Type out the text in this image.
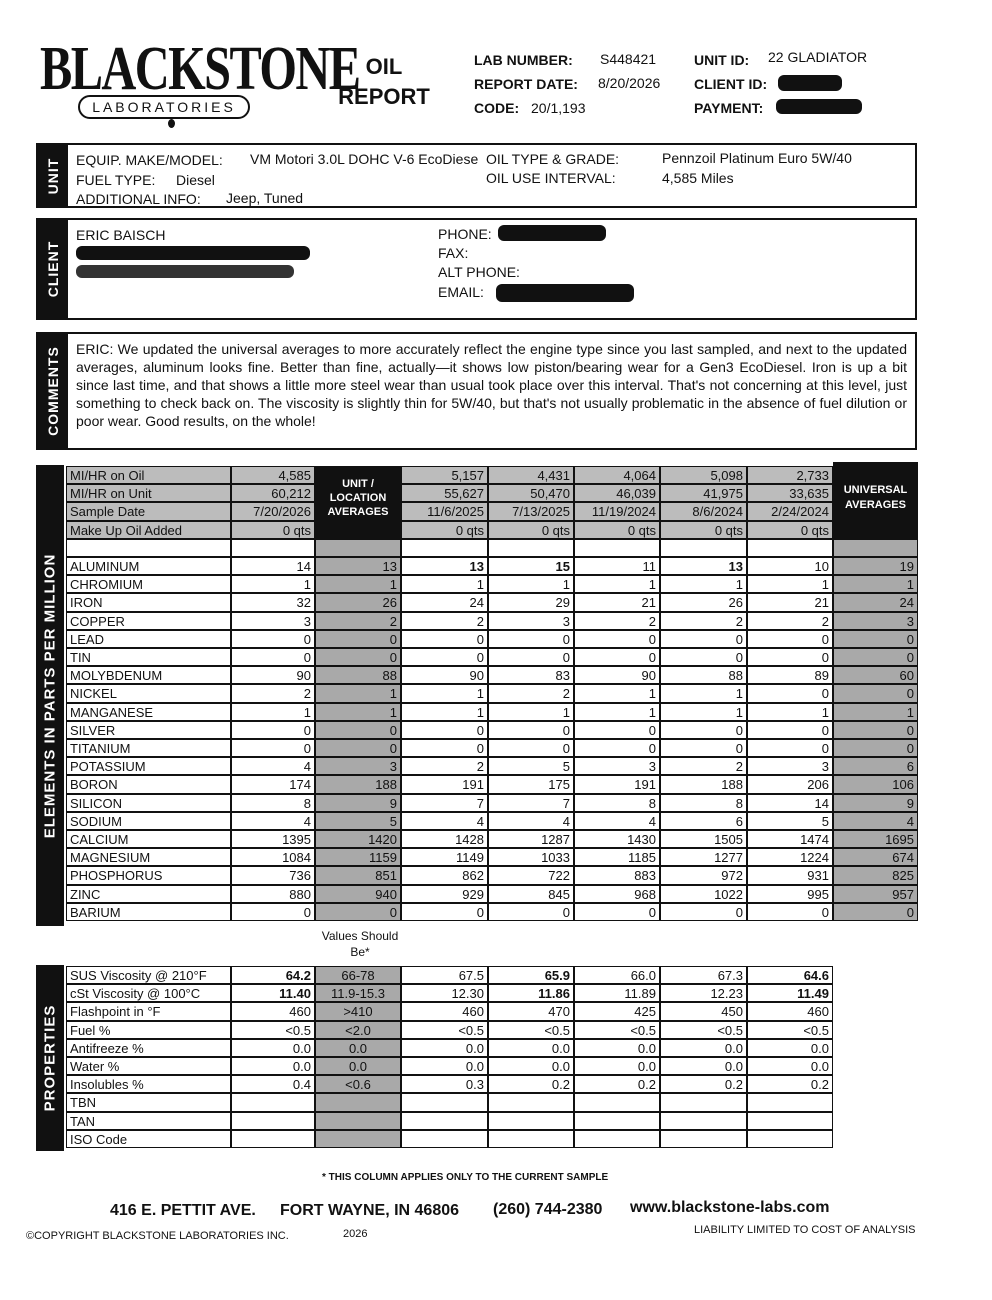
BLACKSTONE
LABORATORIES
OIL
REPORT
LAB NUMBER: S448421
REPORT DATE: 8/20/2026
CODE: 20/1,193
UNIT ID: 22 GLADIATOR
CLIENT ID:
PAYMENT:
UNIT EQUIP. MAKE/MODEL: VM Motori 3.0L DOHC V-6 EcoDiese
FUEL TYPE: Diesel
ADDITIONAL INFO: Jeep, Tuned
OIL TYPE & GRADE:	Pennzoil Platinum Euro 5W/40
OIL USE INTERVAL:	4,585 Miles
CLIENT
ERIC BAISCH	PHONE:
FAX:
ALT PHONE:
EMAIL:
COMMENTS ERIC: We updated the universal averages to more accurately reflect the engine type since you last sampled, and next to the updated averages, aluminum looks fine. Better than fine, actually—it shows low piston/bearing wear for a Gen3 EcoDiesel. Iron is up a bit since last time, and that shows a little more steel wear than usual took place over this interval. That's not concerning at this level, just something to check back on. The viscosity is slightly thin for 5W/40, but that's not usually problematic in the absence of fuel dilution or poor wear. Good results, on the whole!
ELEMENTS IN PARTS PER MILLION
MI/HR on Oil	4,585	5,157	4,431	4,064	5,098	2,733
MI/HR on Unit	60,212	55,627	50,470	46,039	41,975	33,635
Sample Date	7/20/2026	11/6/2025	7/13/2025	11/19/2024	8/6/2024	2/24/2024
Make Up Oil Added	0 qts	0 qts	0 qts	0 qts	0 qts	0 qts
UNIT / LOCATION AVERAGES
UNIVERSAL AVERAGES
ALUMINUM	14	13	13	15	11	13	10	19
CHROMIUM	1	1	1	1	1	1	1	1
IRON	32	26	24	29	21	26	21	24
COPPER	3	2	2	3	2	2	2	3
LEAD	0	0	0	0	0	0	0	0
TIN	0	0	0	0	0	0	0	0
MOLYBDENUM	90	88	90	83	90	88	89	60
NICKEL	2	1	1	2	1	1	0	0
MANGANESE	1	1	1	1	1	1	1	1
SILVER	0	0	0	0	0	0	0	0
TITANIUM	0	0	0	0	0	0	0	0
POTASSIUM	4	3	2	5	3	2	3	6
BORON	174	188	191	175	191	188	206	106
SILICON	8	9	7	7	8	8	14	9
SODIUM	4	5	4	4	4	6	5	4
CALCIUM	1395	1420	1428	1287	1430	1505	1474	1695
MAGNESIUM	1084	1159	1149	1033	1185	1277	1224	674
PHOSPHORUS	736	851	862	722	883	972	931	825
ZINC	880	940	929	845	968	1022	995	957
BARIUM	0	0	0	0	0	0	0	0
Values Should Be*
PROPERTIES
SUS Viscosity @ 210°F	64.2	66-78	67.5	65.9	66.0	67.3	64.6
cSt Viscosity @ 100°C	11.40	11.9-15.3	12.30	11.86	11.89	12.23	11.49
Flashpoint in °F	460	>410	460	470	425	450	460
Fuel %	<0.5	<2.0	<0.5	<0.5	<0.5	<0.5	<0.5
Antifreeze %	0.0	0.0	0.0	0.0	0.0	0.0	0.0
Water %	0.0	0.0	0.0	0.0	0.0	0.0	0.0
Insolubles %	0.4	<0.6	0.3	0.2	0.2	0.2	0.2
TBN
TAN
ISO Code
* THIS COLUMN APPLIES ONLY TO THE CURRENT SAMPLE
416 E. PETTIT AVE. FORT WAYNE, IN 46806 (260) 744-2380 www.blackstone-labs.com
©COPYRIGHT BLACKSTONE LABORATORIES INC.	2026	LIABILITY LIMITED TO COST OF ANALYSIS
